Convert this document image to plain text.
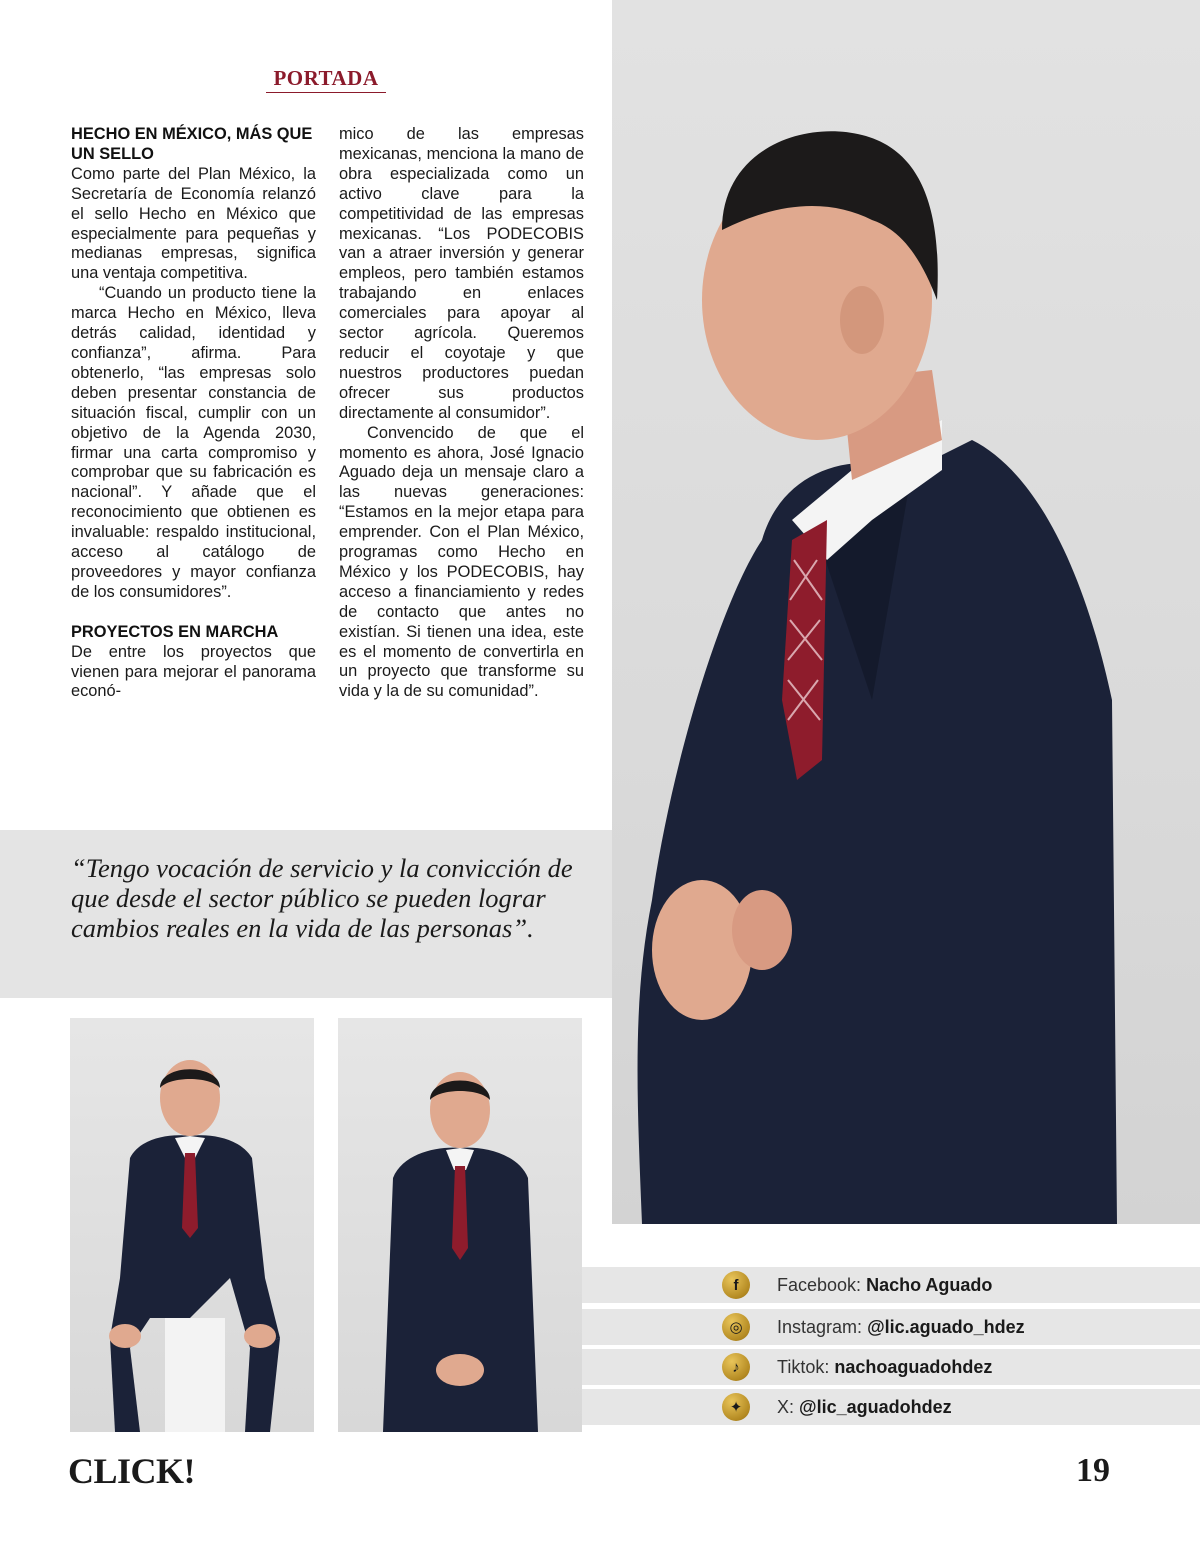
PORTADA
HECHO EN MÉXICO, MÁS QUE UN SELLO

Como parte del Plan México, la Secretaría de Economía relanzó el sello Hecho en México que especialmente para pequeñas y medianas empresas, significa una ventaja competitiva.

“Cuando un producto tiene la marca Hecho en México, lleva detrás calidad, identidad y confianza”, afirma. Para obtenerlo, “las empresas solo deben presentar constancia de situación fiscal, cumplir con un objetivo de la Agenda 2030, firmar una carta compromiso y comprobar que su fabricación es nacional”. Y añade que el reconocimiento que obtienen es invaluable: respaldo institucional, acceso al catálogo de proveedores y mayor confianza de los consumidores”.

PROYECTOS EN MARCHA

De entre los proyectos que vienen para mejorar el panorama econó-

mico de las empresas mexicanas, menciona la mano de obra especializada como un activo clave para la competitividad de las empresas mexicanas. “Los PODECOBIS van a atraer inversión y generar empleos, pero también estamos trabajando en enlaces comerciales para apoyar al sector agrícola. Queremos reducir el coyotaje y que nuestros productores puedan ofrecer sus productos directamente al consumidor”.

Convencido de que el momento es ahora, José Ignacio Aguado deja un mensaje claro a las nuevas generaciones: “Estamos en la mejor etapa para emprender. Con el Plan México, programas como Hecho en México y los PODECOBIS, hay acceso a financiamiento y redes de contacto que antes no existían. Si tienen una idea, este es el momento de convertirla en un proyecto que transforme su vida y la de su comunidad”.

“Tengo vocación de servicio y la convicción de que desde el sector público se pueden lograr cambios reales en la vida de las personas”.
f	Facebook: Nacho Aguado
◎	Instagram: @lic.aguado_hdez
♪	Tiktok: nachoaguadohdez
✦	X: @lic_aguadohdez
CLICK!	19
